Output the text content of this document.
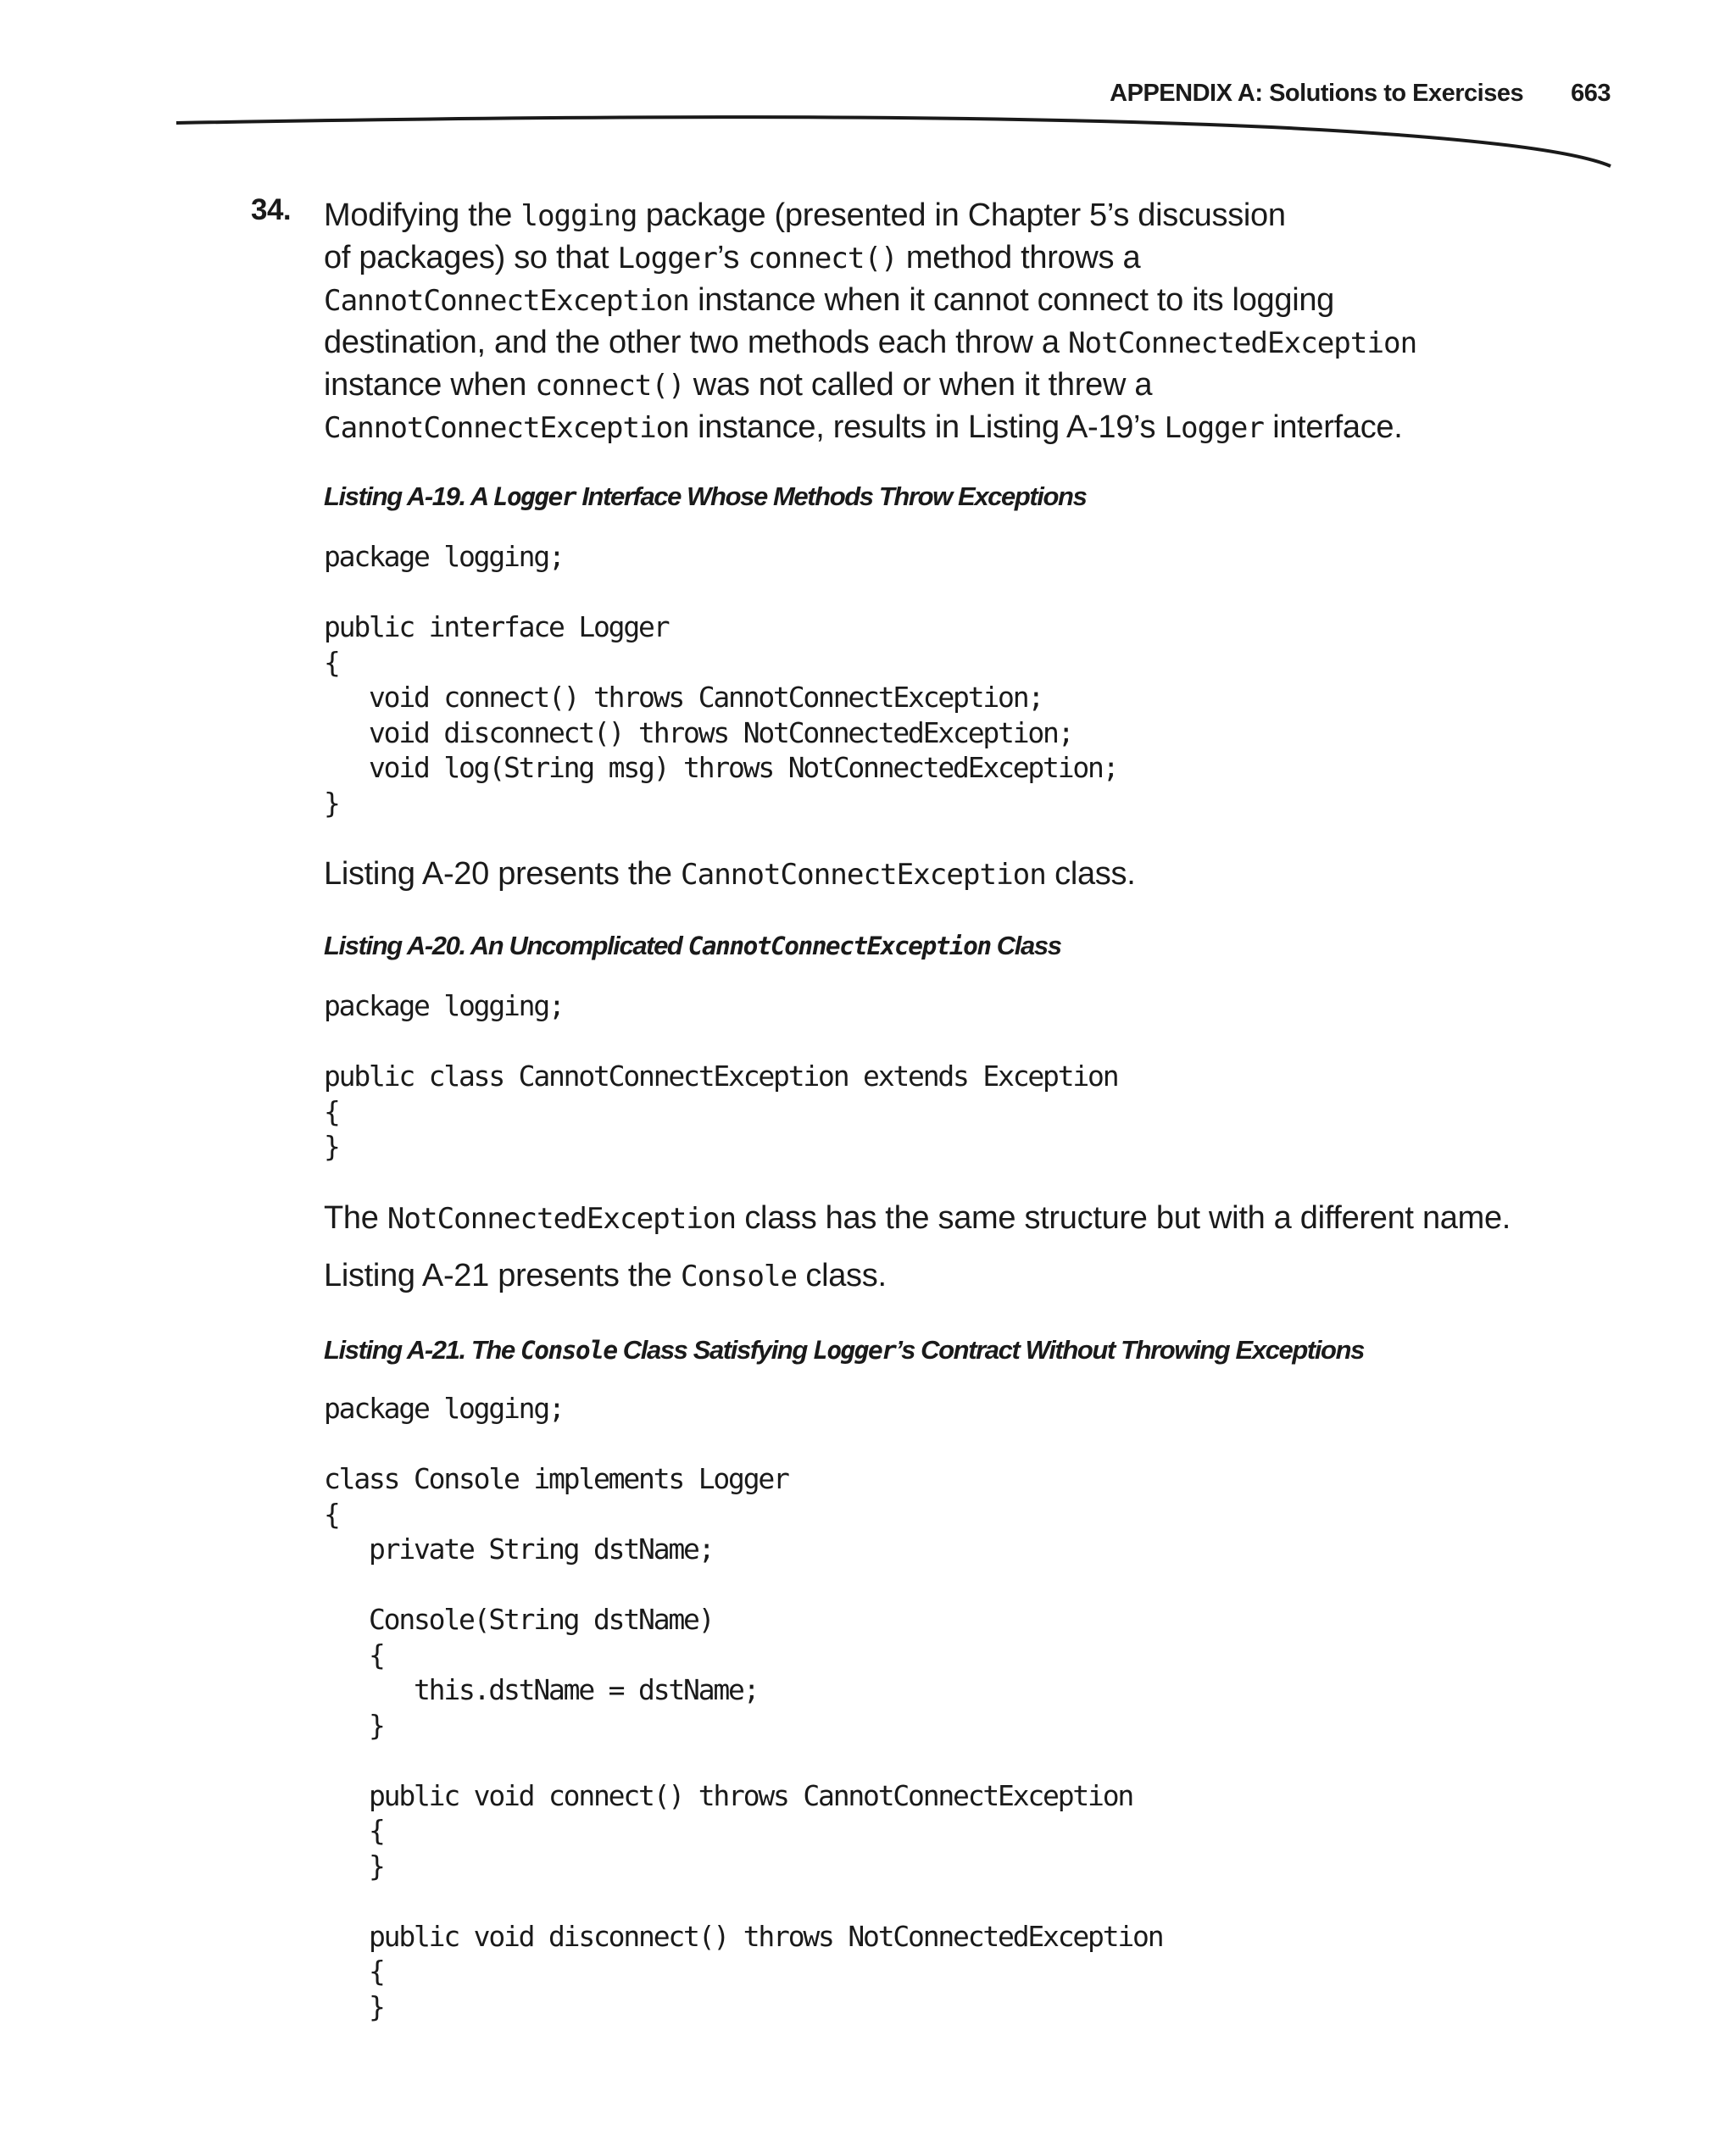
APPENDIX A: Solutions to Exercises 663
34. Modifying the logging package (presented in Chapter 5’s discussion
of packages) so that Logger’s connect() method throws a
CannotConnectException instance when it cannot connect to its logging
destination, and the other two methods each throw a NotConnectedException
instance when connect() was not called or when it threw a
CannotConnectException instance, results in Listing A-19’s Logger interface.

Listing A-19. A Logger Interface Whose Methods Throw Exceptions

package logging;

public interface Logger
{
void connect() throws CannotConnectException;
void disconnect() throws NotConnectedException;
void log(String msg) throws NotConnectedException;
}

Listing A-20 presents the CannotConnectException class.

Listing A-20. An Uncomplicated CannotConnectException Class

package logging;

public class CannotConnectException extends Exception
{
}

The NotConnectedException class has the same structure but with a different name.

Listing A-21 presents the Console class.

Listing A-21. The Console Class Satisfying Logger’s Contract Without Throwing Exceptions

package logging;

class Console implements Logger
{
private String dstName;

Console(String dstName)
{
this.dstName = dstName;
}

public void connect() throws CannotConnectException
{
}

public void disconnect() throws NotConnectedException
{
}
